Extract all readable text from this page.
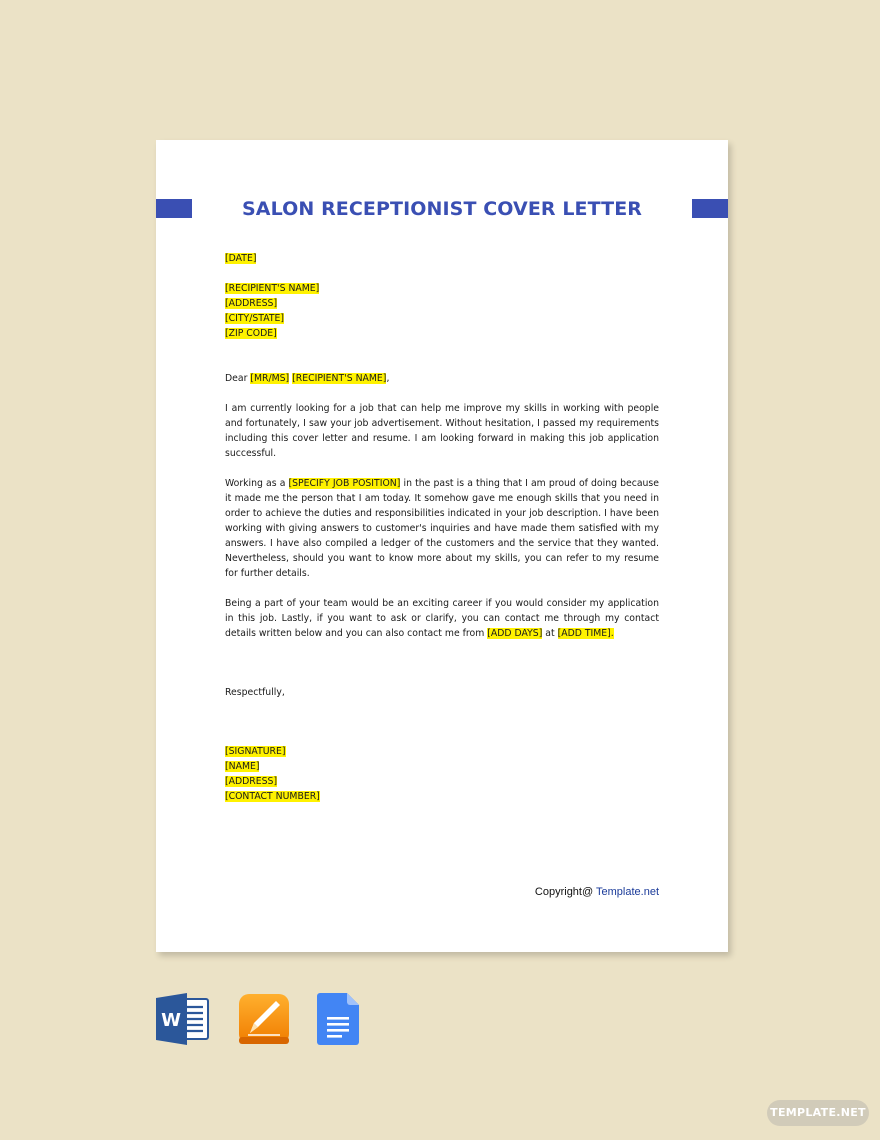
SALON RECEPTIONIST COVER LETTER
[DATE]
[RECIPIENT'S NAME]
[ADDRESS]
[CITY/STATE]
[ZIP CODE]
Dear [MR/MS] [RECIPIENT'S NAME],

I am currently looking for a job that can help me improve my skills in working with people and fortunately, I saw your job advertisement. Without hesitation, I passed my requirements including this cover letter and resume. I am looking forward in making this job application successful.

Working as a [SPECIFY JOB POSITION] in the past is a thing that I am proud of doing because it made me the person that I am today. It somehow gave me enough skills that you need in order to achieve the duties and responsibilities indicated in your job description. I have been working with giving answers to customer's inquiries and have made them satisfied with my answers. I have also compiled a ledger of the customers and the service that they wanted. Nevertheless, should you want to know more about my skills, you can refer to my resume for further details.

Being a part of your team would be an exciting career if you would consider my application in this job. Lastly, if you want to ask or clarify, you can contact me through my contact details written below and you can also contact me from [ADD DAYS] at [ADD TIME].

Respectfully,
[SIGNATURE]
[NAME]
[ADDRESS]
[CONTACT NUMBER]
Copyright@ Template.net
W
TEMPLATE.NET
